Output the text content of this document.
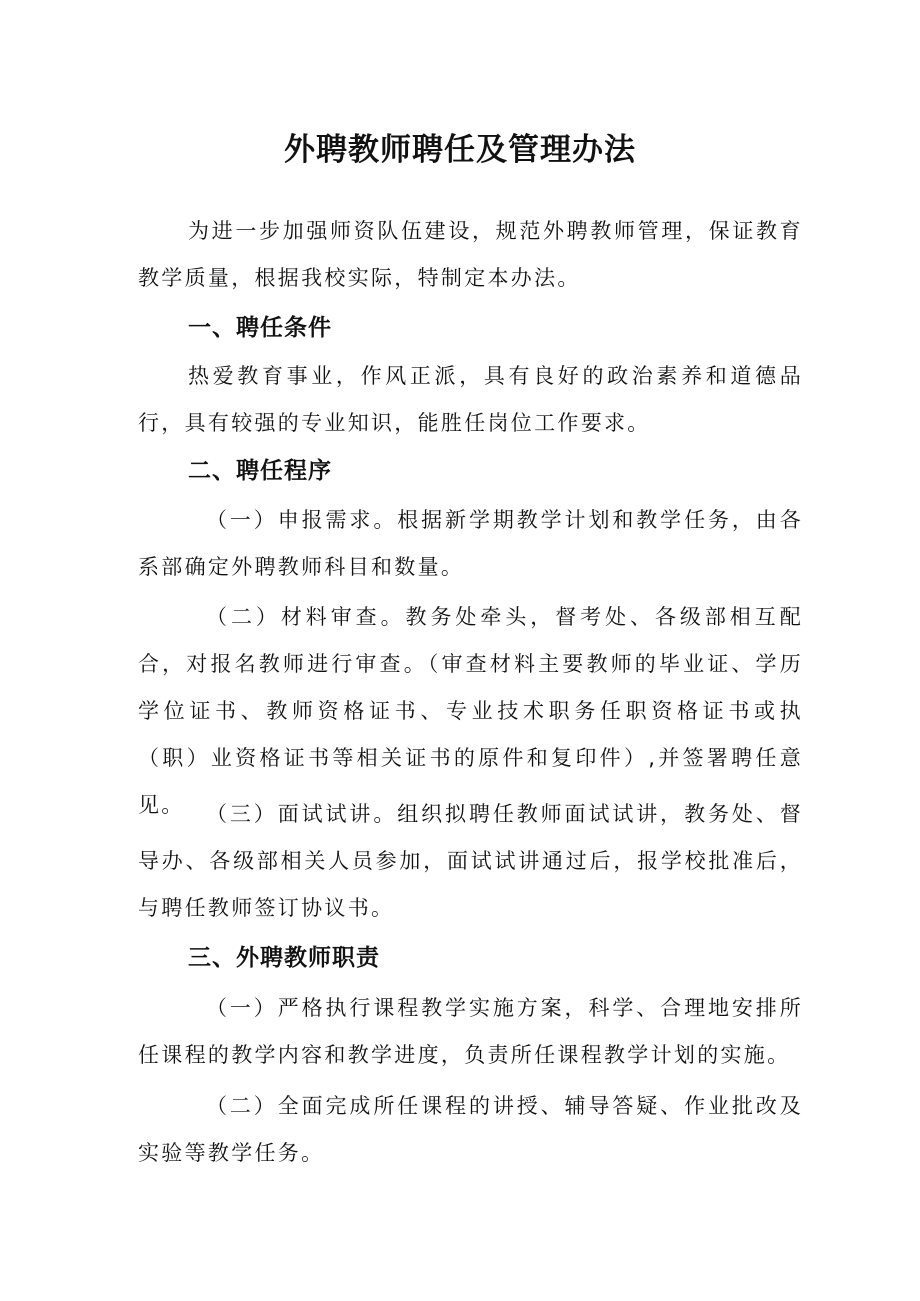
外聘教师聘任及管理办法
为进一步加强师资队伍建设，规范外聘教师管理，保证教育教学质量，根据我校实际，特制定本办法。
一、聘任条件
热爱教育事业，作风正派，具有良好的政治素养和道德品行，具有较强的专业知识，能胜任岗位工作要求。
二、聘任程序
（一）申报需求。根据新学期教学计划和教学任务，由各系部确定外聘教师科目和数量。
（二）材料审查。教务处牵头，督考处、各级部相互配合，对报名教师进行审查。（审查材料主要教师的毕业证、学历学位证书、教师资格证书、专业技术职务任职资格证书或执（职）业资格证书等相关证书的原件和复印件）,并签署聘任意见。	（三）面试试讲。组织拟聘任教师面试试讲，教务处、督导办、各级部相关人员参加，面试试讲通过后，报学校批准后，与聘任教师签订协议书。
三、外聘教师职责
（一）严格执行课程教学实施方案，科学、合理地安排所任课程的教学内容和教学进度，负责所任课程教学计划的实施。
（二）全面完成所任课程的讲授、辅导答疑、作业批改及实验等教学任务。
